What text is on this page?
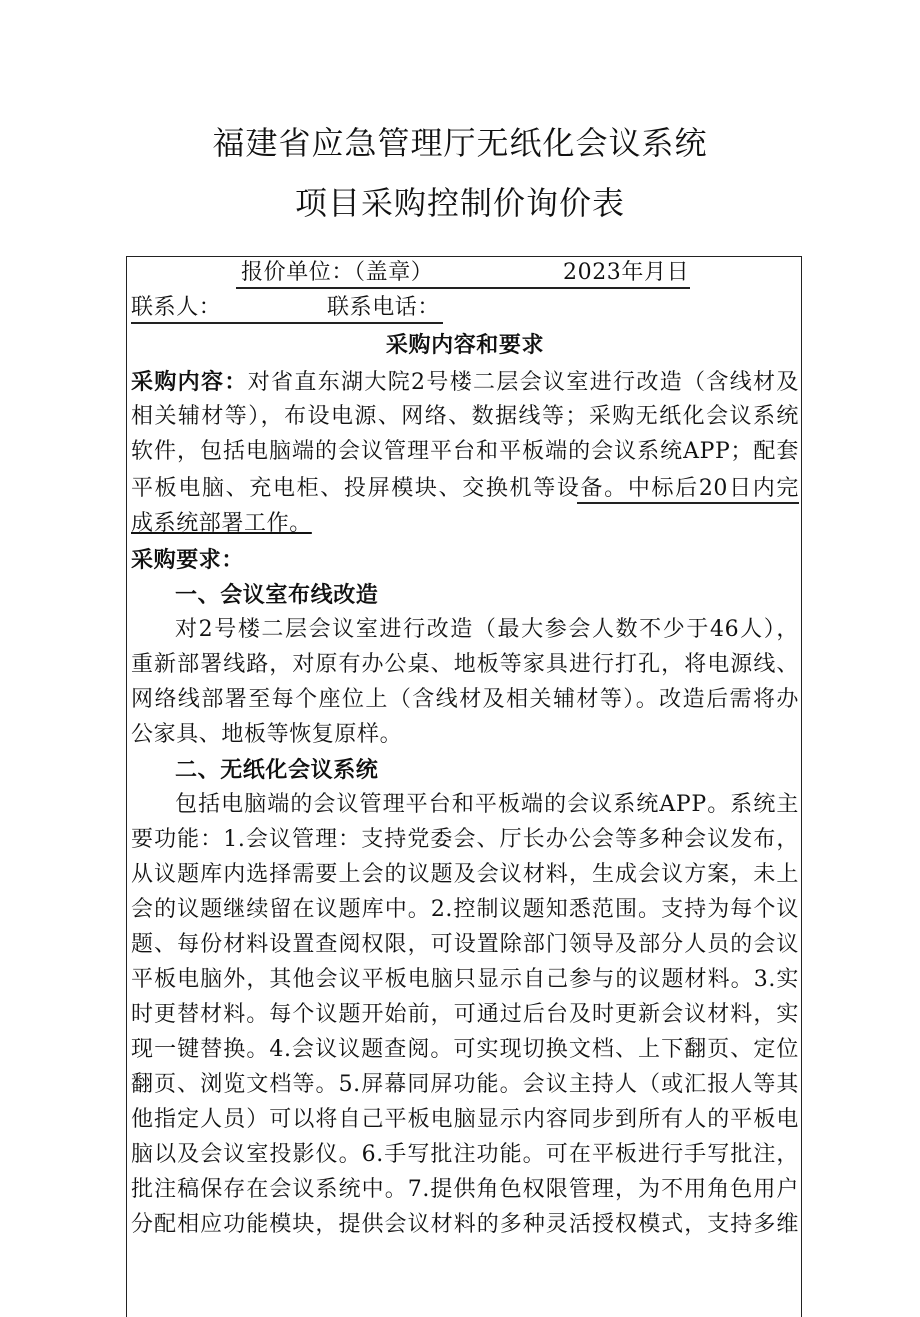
福建省应急管理厅无纸化会议系统
项目采购控制价询价表
报价单位：（盖章）	2023年月日
联系人：	联系电话：
采购内容和要求
采购内容：对省直东湖大院2号楼二层会议室进行改造（含线材及
相关辅材等），布设电源、网络、数据线等；采购无纸化会议系统
软件，包括电脑端的会议管理平台和平板端的会议系统APP；配套
平板电脑、充电柜、投屏模块、交换机等设备。中标后20日内完
成系统部署工作。
采购要求：
一、会议室布线改造
对2号楼二层会议室进行改造（最大参会人数不少于46人），
重新部署线路，对原有办公桌、地板等家具进行打孔，将电源线、
网络线部署至每个座位上（含线材及相关辅材等）。改造后需将办
公家具、地板等恢复原样。
二、无纸化会议系统
包括电脑端的会议管理平台和平板端的会议系统APP。系统主
要功能：1.会议管理：支持党委会、厅长办公会等多种会议发布，
从议题库内选择需要上会的议题及会议材料，生成会议方案，未上
会的议题继续留在议题库中。2.控制议题知悉范围。支持为每个议
题、每份材料设置查阅权限，可设置除部门领导及部分人员的会议
平板电脑外，其他会议平板电脑只显示自己参与的议题材料。3.实
时更替材料。每个议题开始前，可通过后台及时更新会议材料，实
现一键替换。4.会议议题查阅。可实现切换文档、上下翻页、定位
翻页、浏览文档等。5.屏幕同屏功能。会议主持人（或汇报人等其
他指定人员）可以将自己平板电脑显示内容同步到所有人的平板电
脑以及会议室投影仪。6.手写批注功能。可在平板进行手写批注，
批注稿保存在会议系统中。7.提供角色权限管理，为不用角色用户
分配相应功能模块，提供会议材料的多种灵活授权模式，支持多维
